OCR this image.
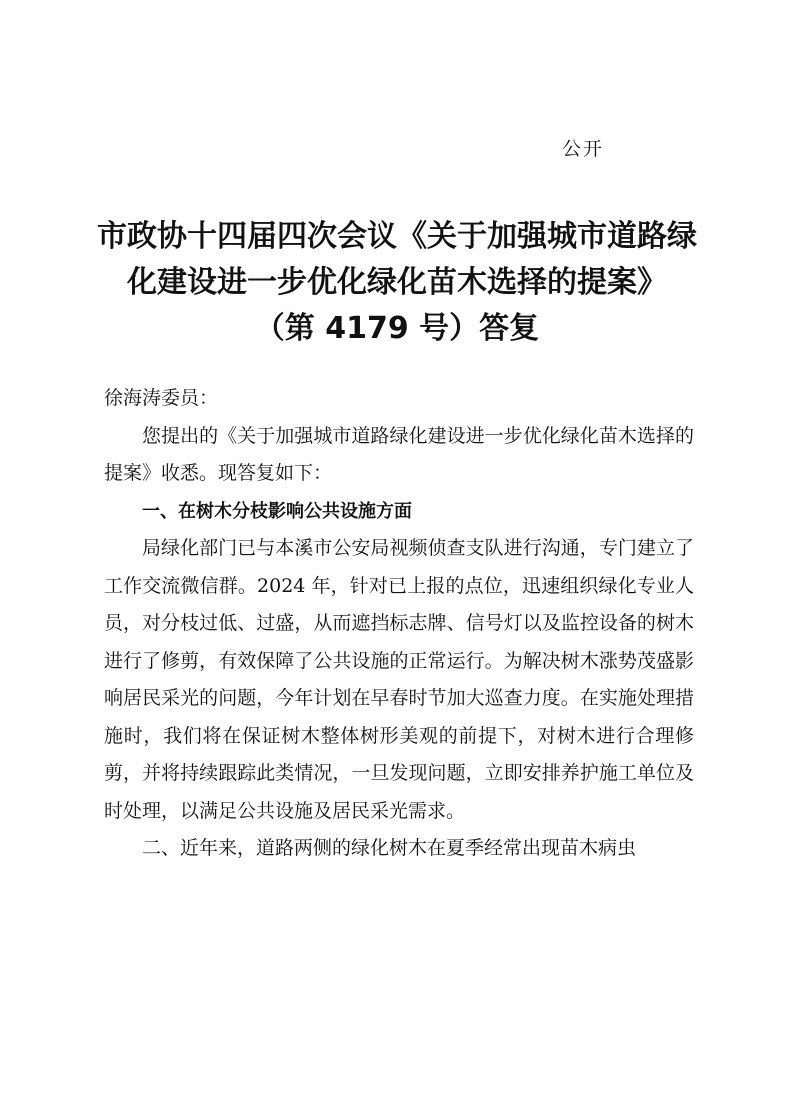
公开
市政协十四届四次会议《关于加强城市道路绿
化建设进一步优化绿化苗木选择的提案》
（第 4179 号）答复

徐海涛委员：

您提出的《关于加强城市道路绿化建设进一步优化绿化苗木选择的提案》收悉。现答复如下：

一、在树木分枝影响公共设施方面

局绿化部门已与本溪市公安局视频侦查支队进行沟通，专门建立了工作交流微信群。2024 年，针对已上报的点位，迅速组织绿化专业人员，对分枝过低、过盛，从而遮挡标志牌、信号灯以及监控设备的树木进行了修剪，有效保障了公共设施的正常运行。为解决树木涨势茂盛影响居民采光的问题，今年计划在早春时节加大巡查力度。在实施处理措施时，我们将在保证树木整体树形美观的前提下，对树木进行合理修剪，并将持续跟踪此类情况，一旦发现问题，立即安排养护施工单位及时处理，以满足公共设施及居民采光需求。

二、近年来，道路两侧的绿化树木在夏季经常出现苗木病虫
